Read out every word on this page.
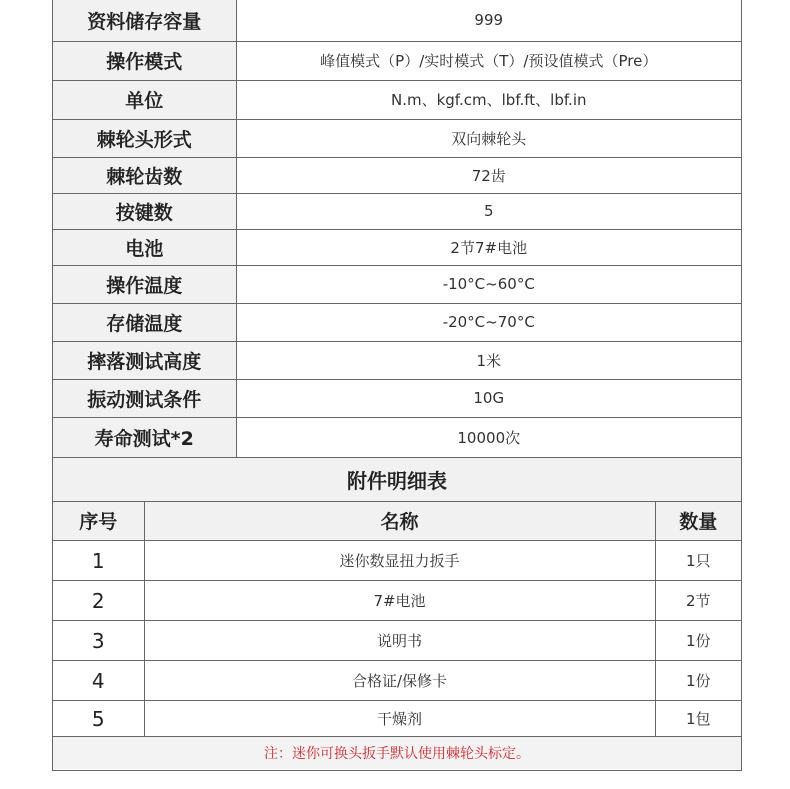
资料储存容量	999
操作模式	峰值模式（P）/实时模式（T）/预设值模式（Pre）
单位	N.m、kgf.cm、lbf.ft、lbf.in
棘轮头形式	双向棘轮头
棘轮齿数	72齿
按键数	5
电池	2节7#电池
操作温度	-10°C~60°C
存储温度	-20°C~70°C
摔落测试高度	1米
振动测试条件	10G
寿命测试*2	10000次
附件明细表
序号	名称	数量
1	迷你数显扭力扳手	1只
2	7#电池	2节
3	说明书	1份
4	合格证/保修卡	1份
5	干燥剂	1包
注：迷你可换头扳手默认使用棘轮头标定。
